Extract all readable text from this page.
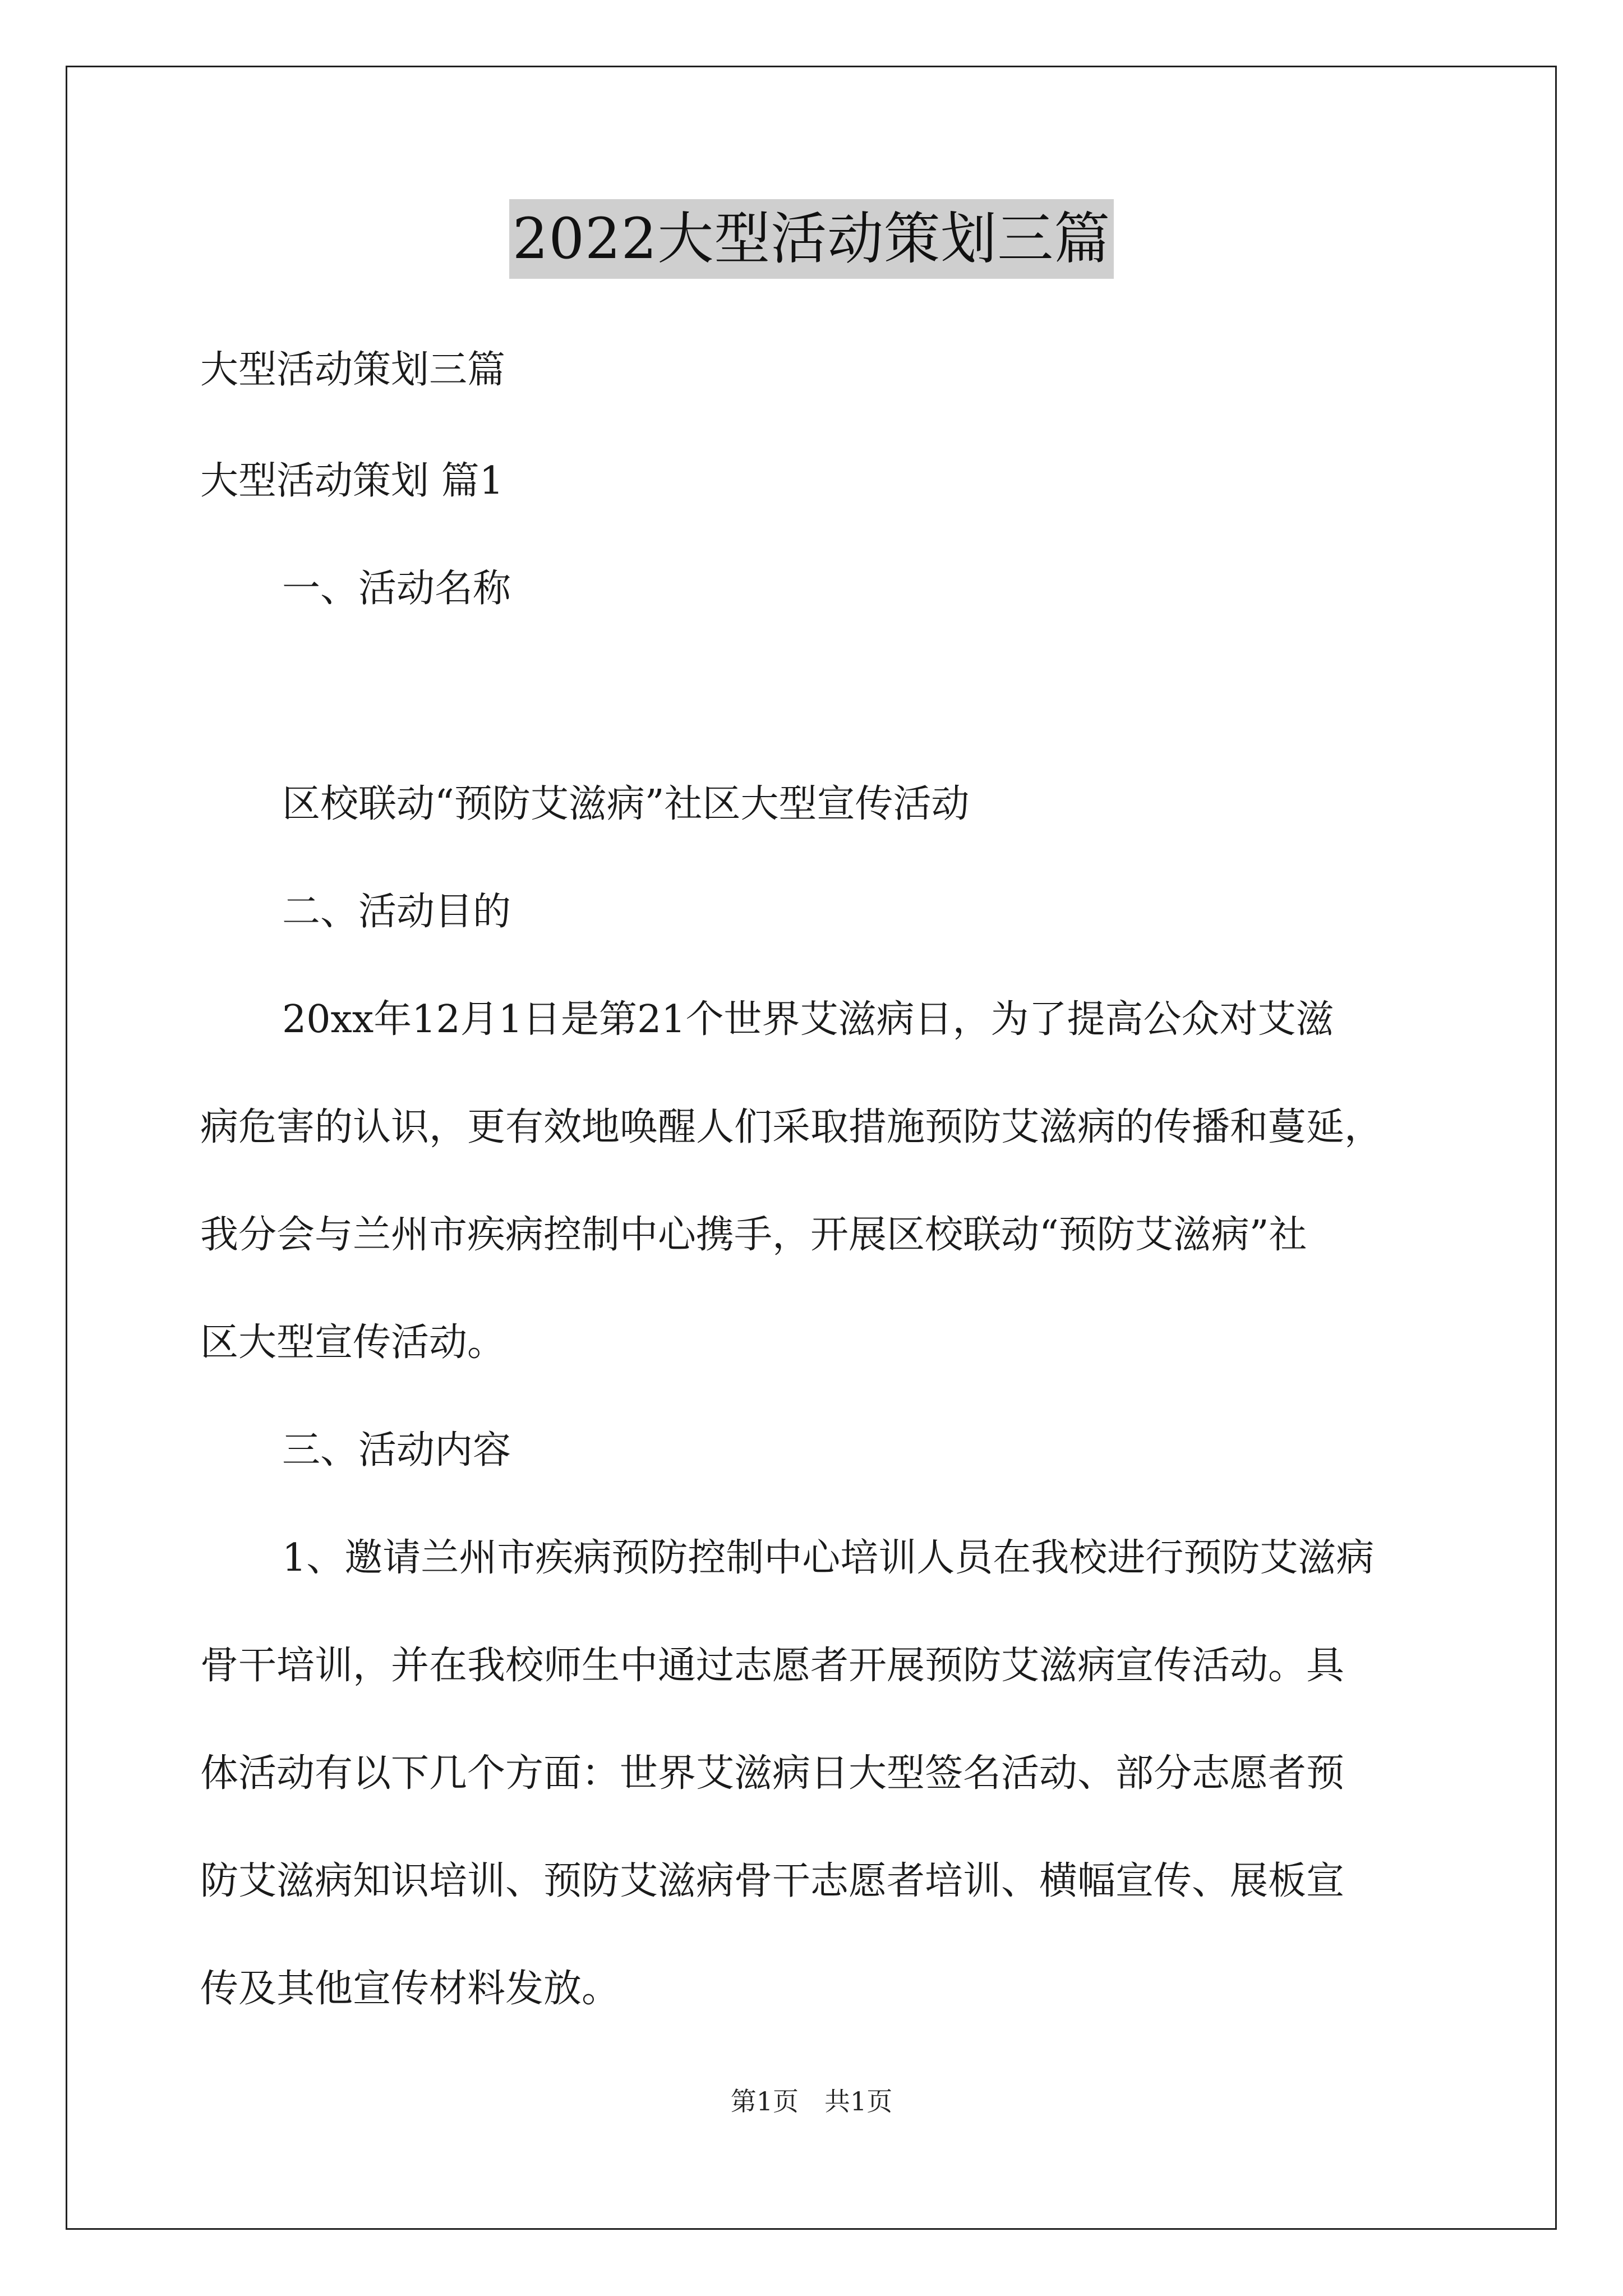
2022大型活动策划三篇
大型活动策划三篇
大型活动策划 篇1
一、活动名称
区校联动“预防艾滋病”社区大型宣传活动
二、活动目的
20xx年12月1日是第21个世界艾滋病日，为了提高公众对艾滋
病危害的认识，更有效地唤醒人们采取措施预防艾滋病的传播和蔓延，
我分会与兰州市疾病控制中心携手，开展区校联动“预防艾滋病”社
区大型宣传活动。
三、活动内容
1、邀请兰州市疾病预防控制中心培训人员在我校进行预防艾滋病
骨干培训，并在我校师生中通过志愿者开展预防艾滋病宣传活动。具
体活动有以下几个方面：世界艾滋病日大型签名活动、部分志愿者预
防艾滋病知识培训、预防艾滋病骨干志愿者培训、横幅宣传、展板宣
传及其他宣传材料发放。
第1页　共1页
